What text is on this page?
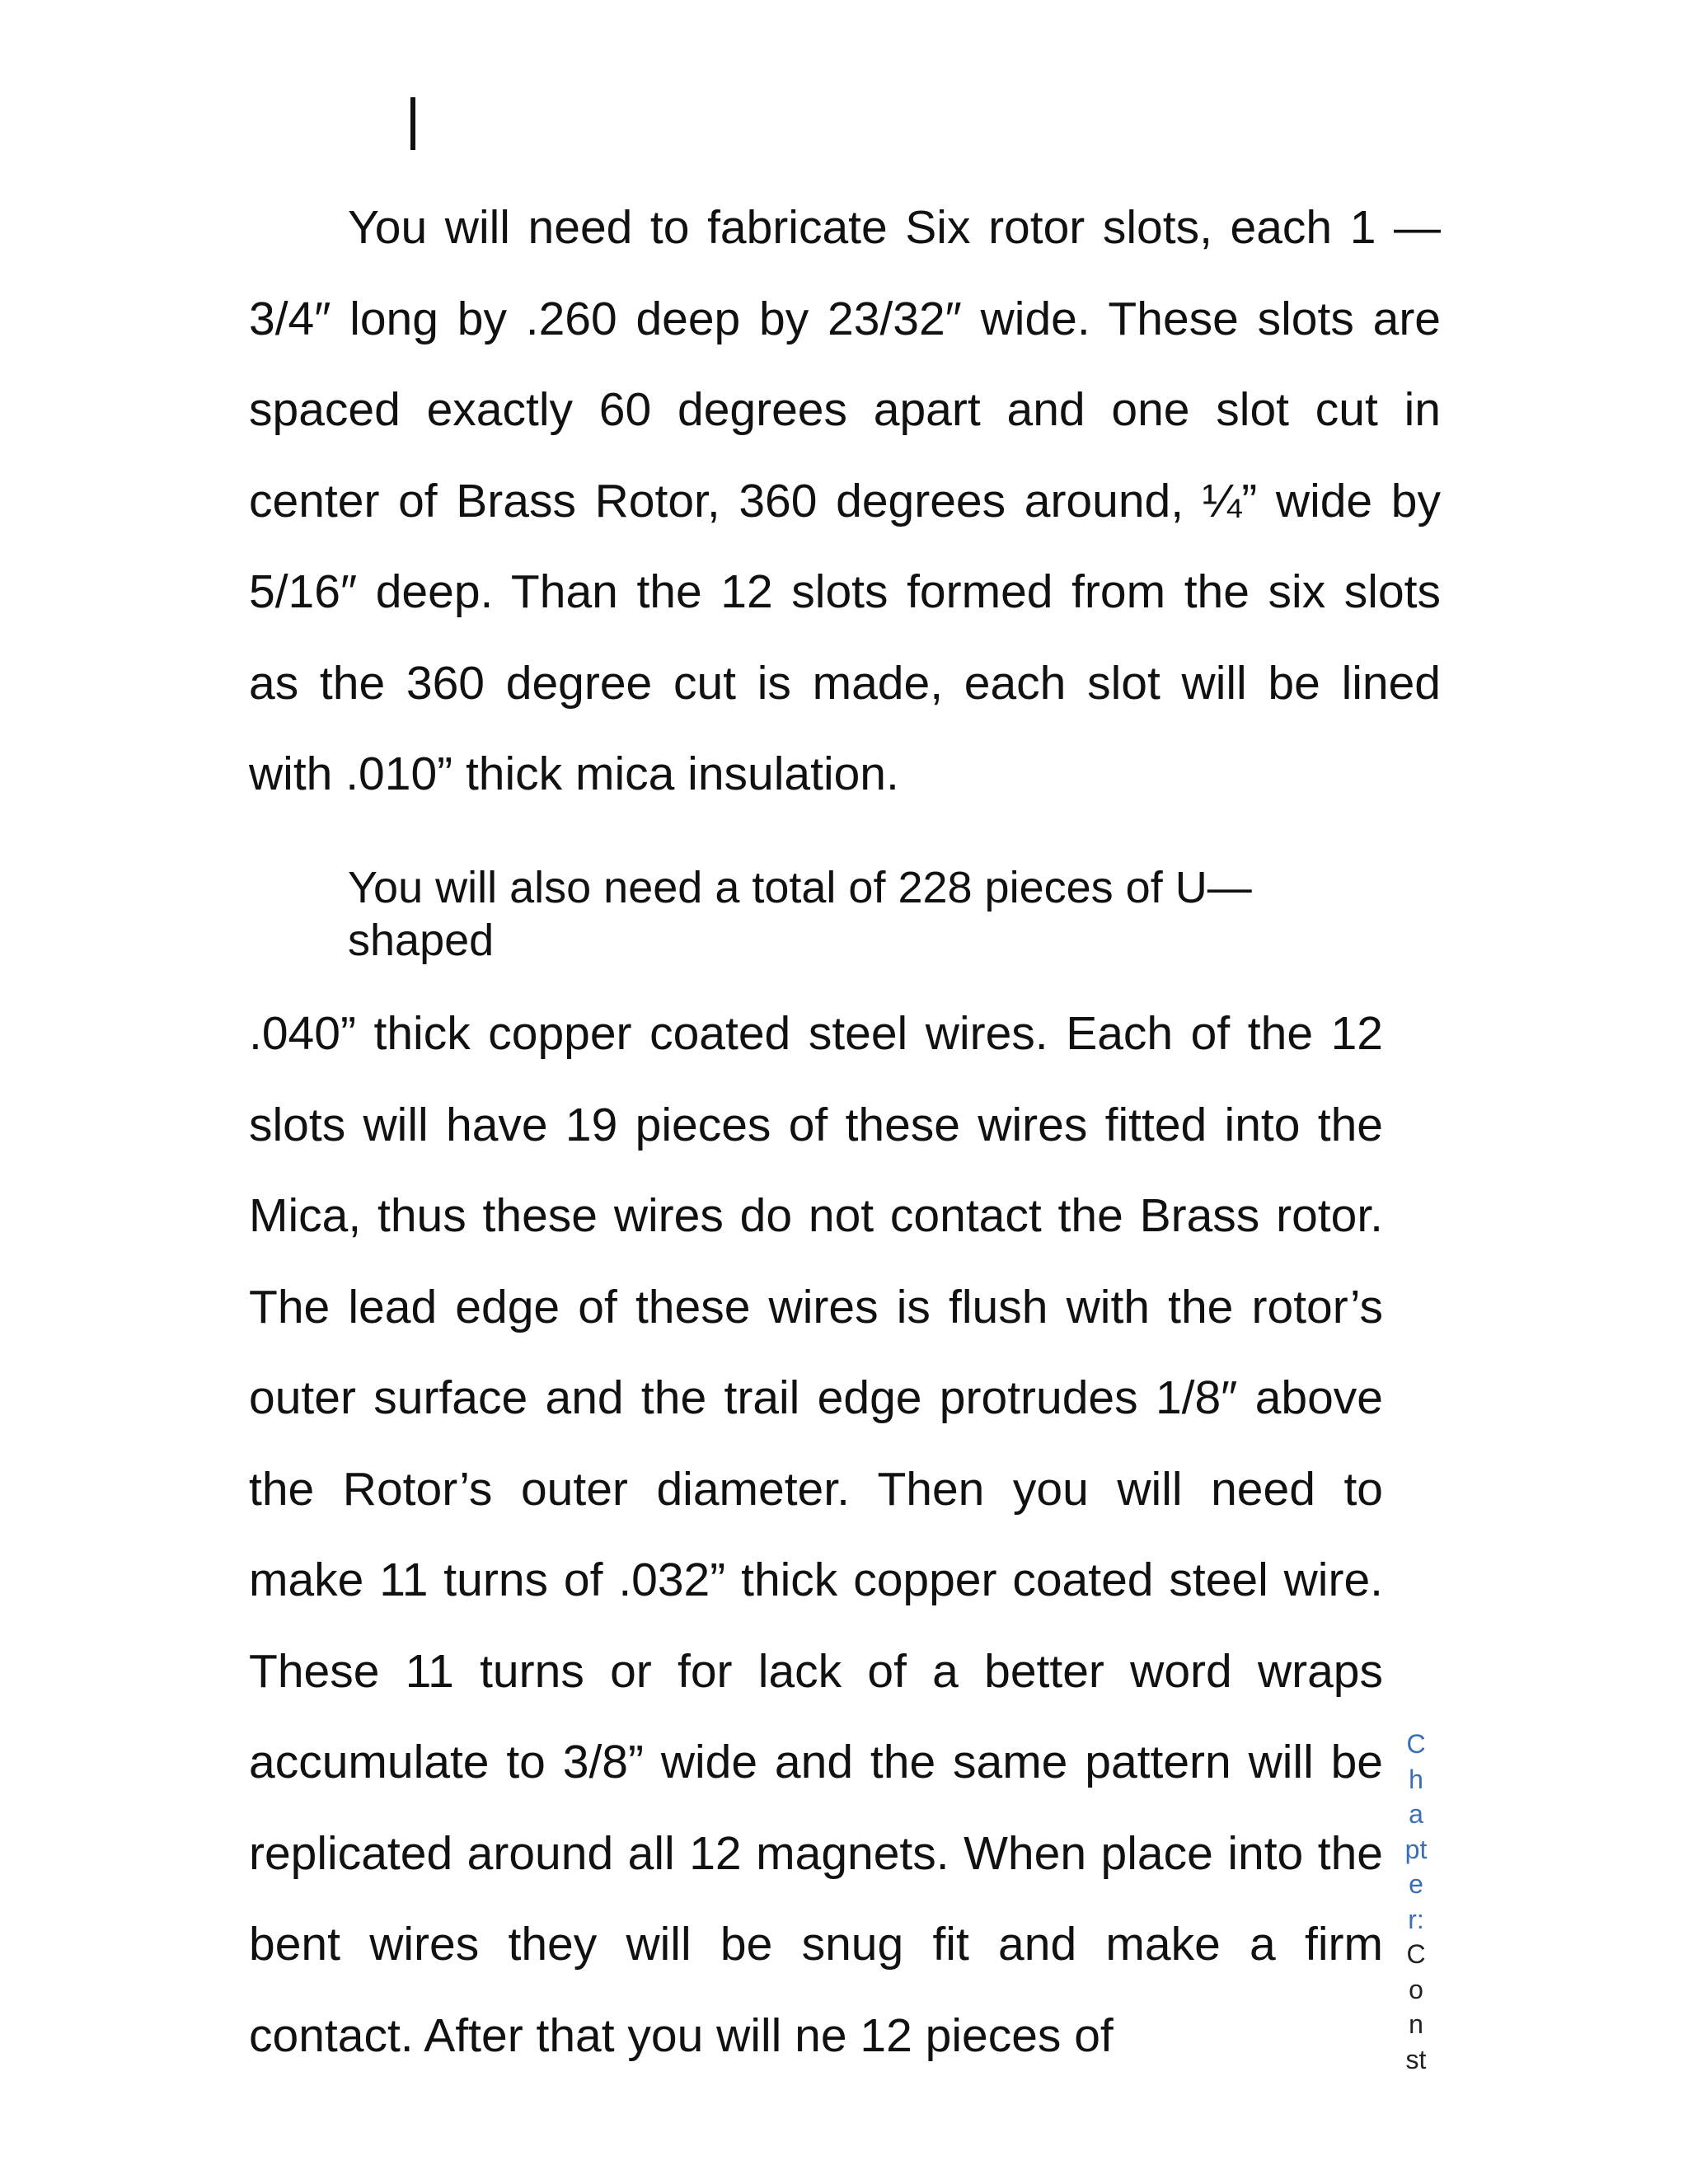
You will need to fabricate Six rotor slots, each 1 —3/4″ long by .260 deep by 23/32″ wide. These slots are spaced exactly 60 degrees apart and one slot cut in center of Brass Rotor, 360 degrees around, ¼” wide by 5/16″ deep. Than the 12 slots formed from the six slots as the 360 degree cut is made, each slot will be lined with .010” thick mica insulation.

You will also need a total of 228 pieces of U—shaped

.040” thick copper coated steel wires. Each of the 12 slots will have 19 pieces of these wires fitted into the Mica, thus these wires do not contact the Brass rotor. The lead edge of these wires is flush with the rotor’s outer surface and the trail edge protrudes 1/8″ above the Rotor’s outer diameter. Then you will need to make 11 turns of .032” thick copper coated steel wire. These 11 turns or for lack of a better word wraps accumulate to 3/8” wide and the same pattern will be replicated around all 12 magnets. When place into the bent wires they will be snug fit and make a firm contact. After that you will ne 12 pieces of

C
h
a
pt
e
r:
C
o
n
st
